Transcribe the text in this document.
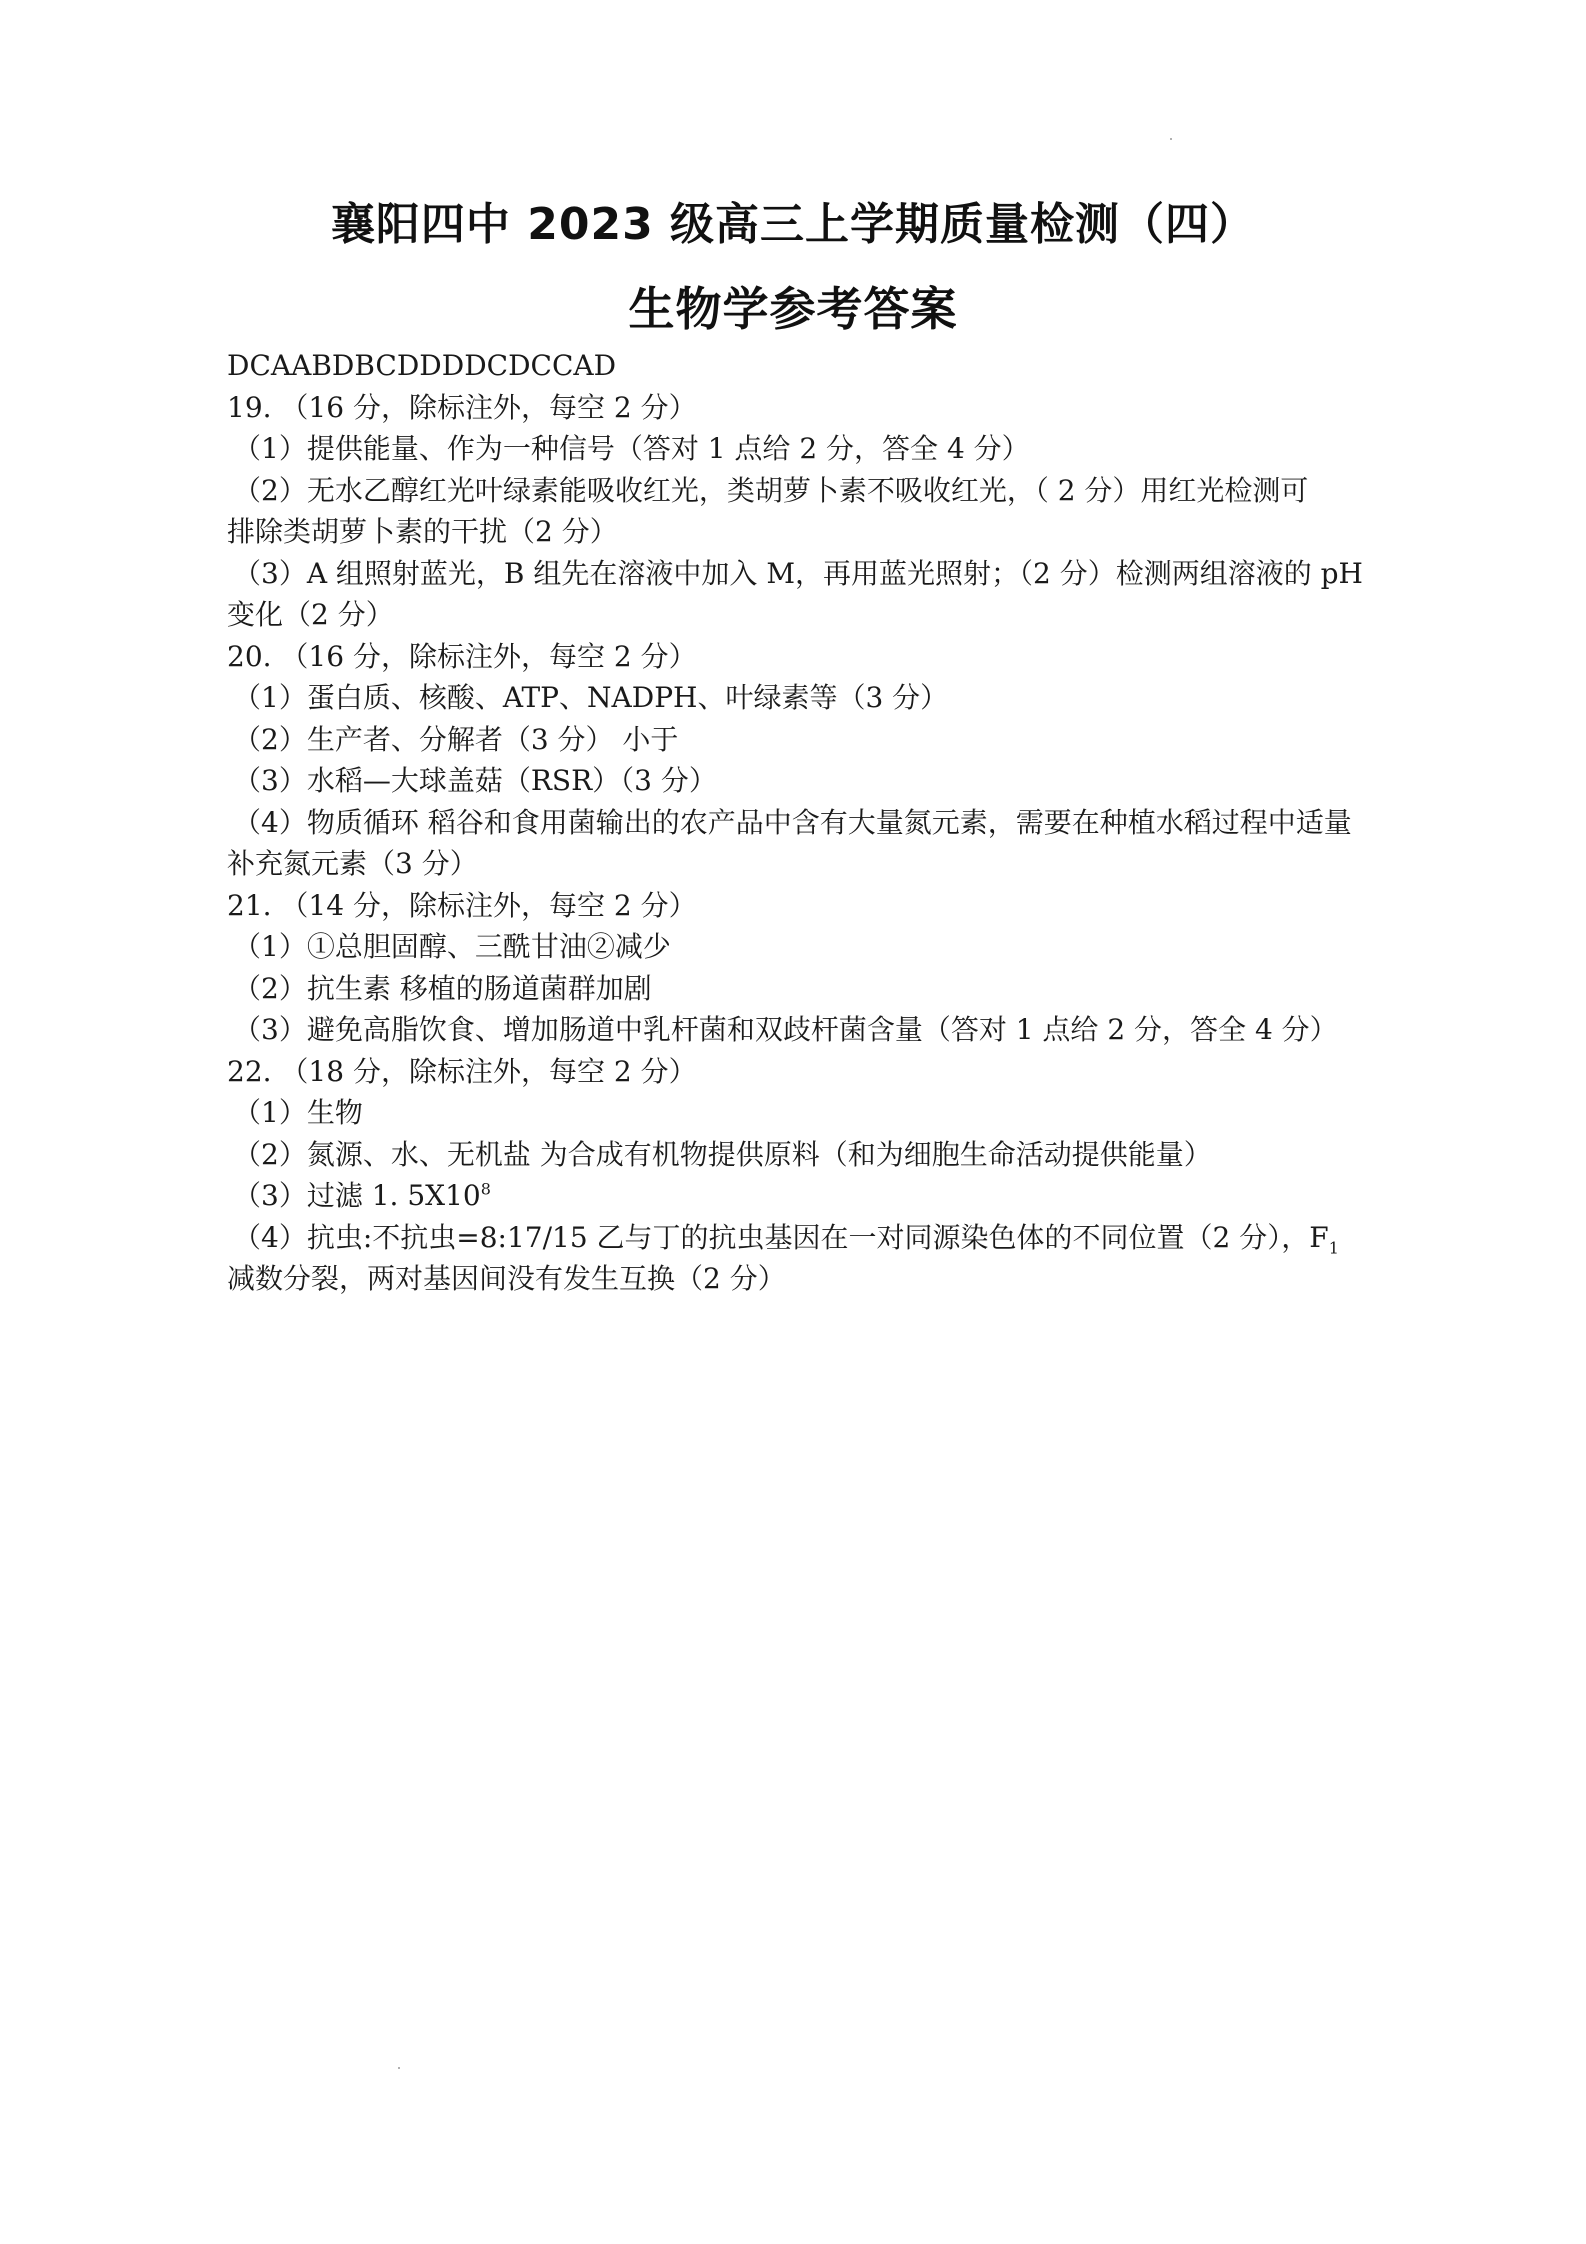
襄阳四中 2023 级高三上学期质量检测（四）
生物学参考答案
DCAABDBCDDDDCDCCAD
19. （16 分，除标注外，每空 2 分）
（1）提供能量、作为一种信号（答对 1 点给 2 分，答全 4 分）
（2）无水乙醇红光叶绿素能吸收红光，类胡萝卜素不吸收红光，（ 2 分）用红光检测可
排除类胡萝卜素的干扰（2 分）
（3）A 组照射蓝光，B 组先在溶液中加入 M，再用蓝光照射；（2 分）检测两组溶液的 pH
变化（2 分）
20. （16 分，除标注外，每空 2 分）
（1）蛋白质、核酸、ATP、NADPH、叶绿素等（3 分）
（2）生产者、分解者（3 分） 小于
（3）水稻—大球盖菇（RSR）（3 分）
（4）物质循环 稻谷和食用菌输出的农产品中含有大量氮元素，需要在种植水稻过程中适量
补充氮元素（3 分）
21. （14 分，除标注外，每空 2 分）
（1）①总胆固醇、三酰甘油②减少
（2）抗生素 移植的肠道菌群加剧
（3）避免高脂饮食、增加肠道中乳杆菌和双歧杆菌含量（答对 1 点给 2 分，答全 4 分）
22. （18 分，除标注外，每空 2 分）
（1）生物
（2）氮源、水、无机盐 为合成有机物提供原料（和为细胞生命活动提供能量）
（3）过滤 1. $5X10^8$
（4）抗虫:不抗虫=8:17/15 乙与丁的抗虫基因在一对同源染色体的不同位置（2 分），$F_1$
减数分裂，两对基因间没有发生互换（2 分）
